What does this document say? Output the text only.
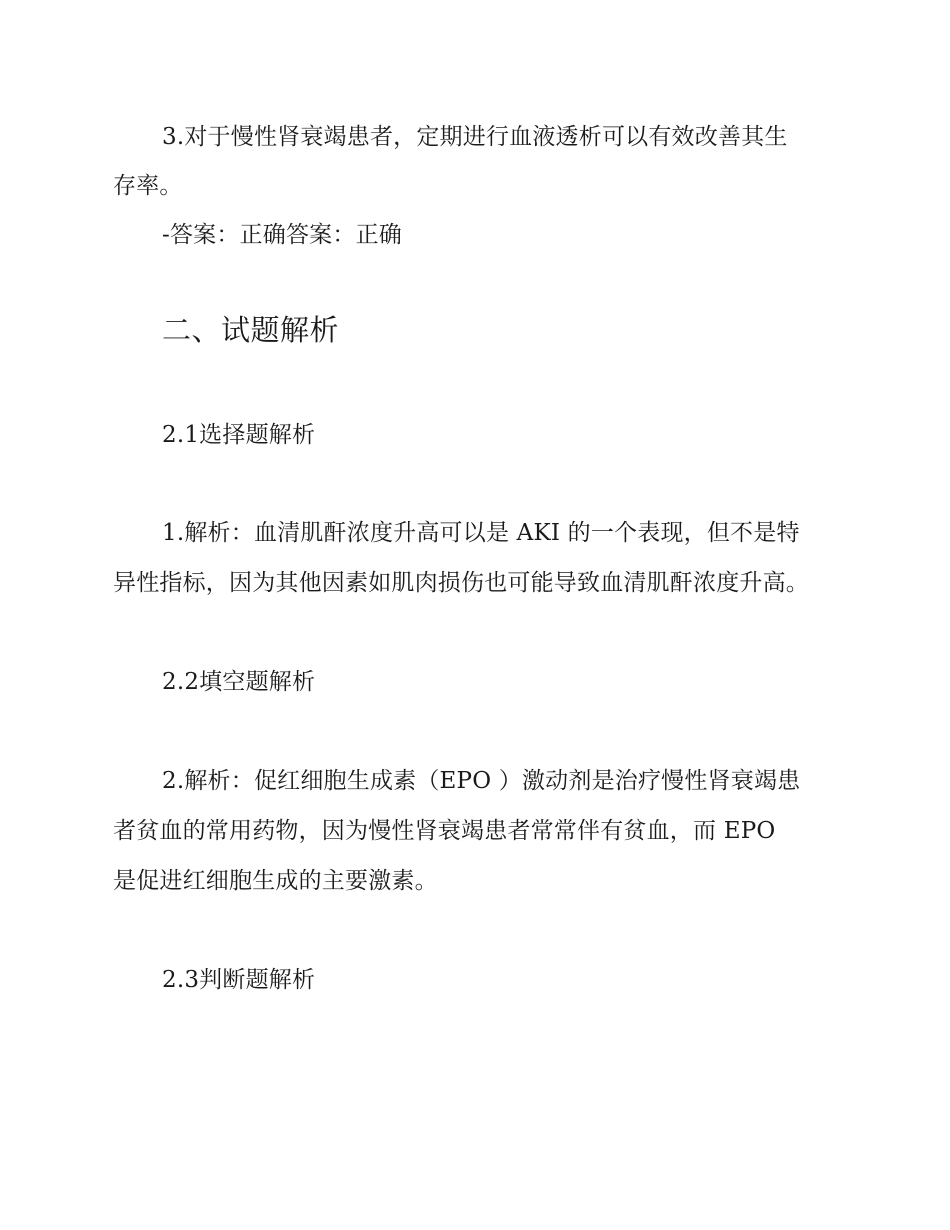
3.对于慢性肾衰竭患者，定期进行血液透析可以有效改善其生
存率。
-答案：正确答案：正确
二、试题解析
2.1选择题解析
1.解析：血清肌酐浓度升高可以是 AKI 的一个表现，但不是特
异性指标，因为其他因素如肌肉损伤也可能导致血清肌酐浓度升高。
2.2填空题解析
2.解析：促红细胞生成素（EPO ）激动剂是治疗慢性肾衰竭患
者贫血的常用药物，因为慢性肾衰竭患者常常伴有贫血，而 EPO
是促进红细胞生成的主要激素。
2.3判断题解析
